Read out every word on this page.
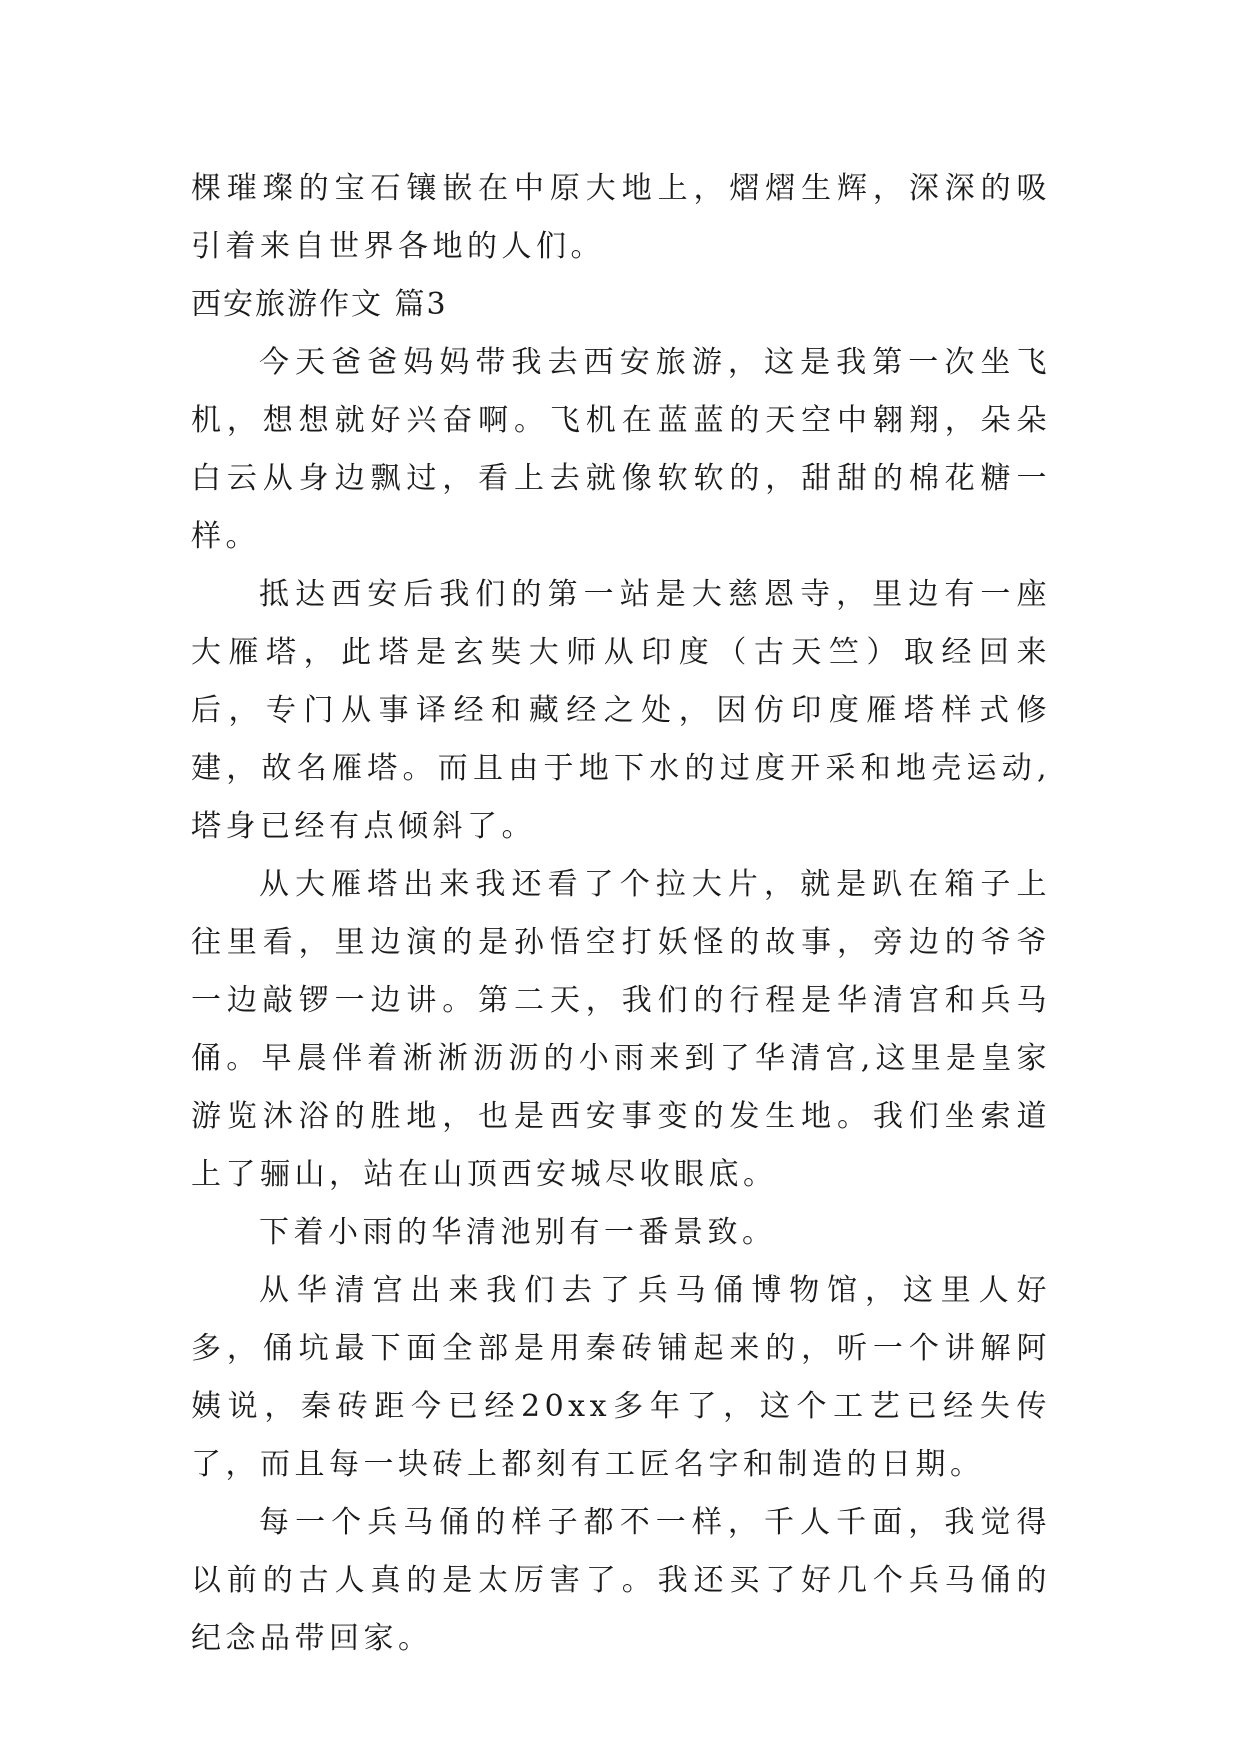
棵璀璨的宝石镶嵌在中原大地上，熠熠生辉，深深的吸引着来自世界各地的人们。

西安旅游作文 篇3

今天爸爸妈妈带我去西安旅游，这是我第一次坐飞机，想想就好兴奋啊。飞机在蓝蓝的天空中翱翔，朵朵白云从身边飘过，看上去就像软软的，甜甜的棉花糖一样。

抵达西安后我们的第一站是大慈恩寺，里边有一座大雁塔，此塔是玄奘大师从印度（古天竺）取经回来后，专门从事译经和藏经之处，因仿印度雁塔样式修建，故名雁塔。而且由于地下水的过度开采和地壳运动,塔身已经有点倾斜了。

从大雁塔出来我还看了个拉大片，就是趴在箱子上往里看，里边演的是孙悟空打妖怪的故事，旁边的爷爷一边敲锣一边讲。第二天，我们的行程是华清宫和兵马俑。早晨伴着淅淅沥沥的小雨来到了华清宫,这里是皇家游览沐浴的胜地，也是西安事变的发生地。我们坐索道上了骊山，站在山顶西安城尽收眼底。

下着小雨的华清池别有一番景致。

从华清宫出来我们去了兵马俑博物馆，这里人好多，俑坑最下面全部是用秦砖铺起来的，听一个讲解阿姨说，秦砖距今已经20xx多年了，这个工艺已经失传了，而且每一块砖上都刻有工匠名字和制造的日期。

每一个兵马俑的样子都不一样，千人千面，我觉得以前的古人真的是太厉害了。我还买了好几个兵马俑的纪念品带回家。
